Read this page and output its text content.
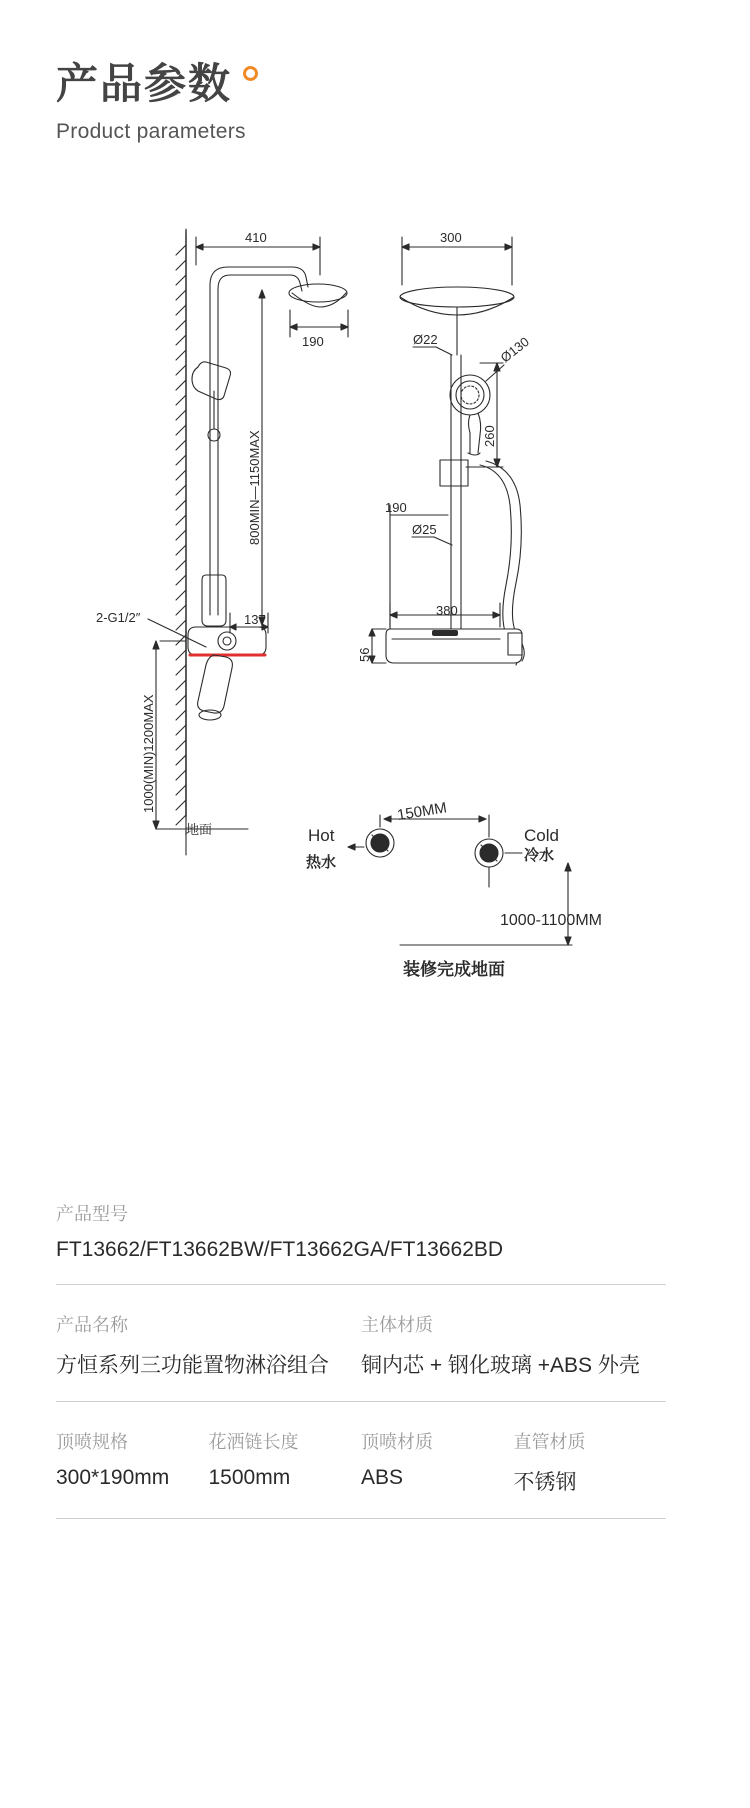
产品参数
Product parameters
410
190
300
Ø22
Ø25
380
190
137
2-G1/2″
地面
800MIN—1150MAX
1000(MIN)1200MAX
260
56
Ø130
150MM
Hot
热水
Cold
冷水
1000-1100MM
装修完成地面
产品型号
FT13662/FT13662BW/FT13662GA/FT13662BD
产品名称
方恒系列三功能置物淋浴组合
主体材质
铜内芯 + 钢化玻璃 +ABS 外壳
顶喷规格
300*190mm
花洒链长度
1500mm
顶喷材质
ABS
直管材质
不锈钢
